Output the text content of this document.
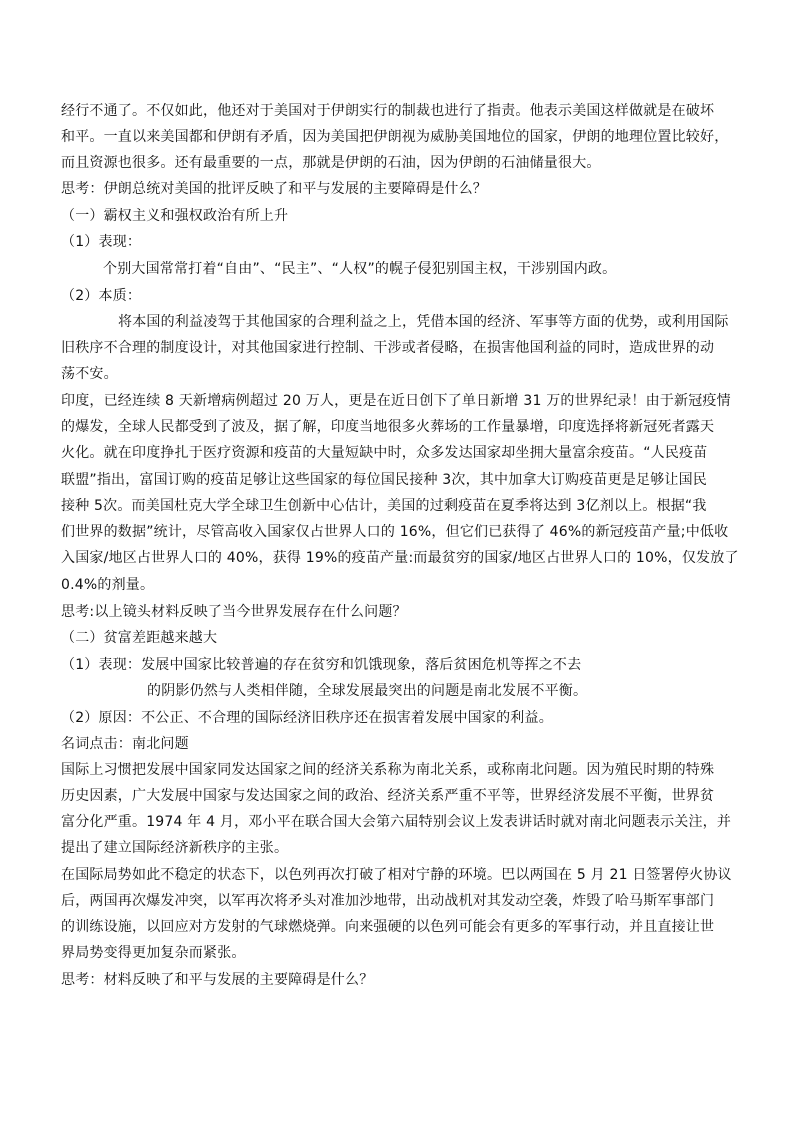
经行不通了。不仅如此，他还对于美国对于伊朗实行的制裁也进行了指责。他表示美国这样做就是在破坏
和平。一直以来美国都和伊朗有矛盾，因为美国把伊朗视为威胁美国地位的国家，伊朗的地理位置比较好，
而且资源也很多。还有最重要的一点，那就是伊朗的石油，因为伊朗的石油储量很大。
思考：伊朗总统对美国的批评反映了和平与发展的主要障碍是什么？
（一）霸权主义和强权政治有所上升
（1）表现：
个别大国常常打着“自由”、“民主”、“人权”的幌子侵犯别国主权，干涉别国内政。
（2）本质：
将本国的利益凌驾于其他国家的合理利益之上，凭借本国的经济、军事等方面的优势，或利用国际
旧秩序不合理的制度设计，对其他国家进行控制、干涉或者侵略，在损害他国利益的同时，造成世界的动
荡不安。
印度，已经连续 8 天新增病例超过 20 万人，更是在近日创下了单日新增 31 万的世界纪录！由于新冠疫情
的爆发，全球人民都受到了波及，据了解，印度当地很多火葬场的工作量暴增，印度选择将新冠死者露天
火化。就在印度挣扎于医疗资源和疫苗的大量短缺中时，众多发达国家却坐拥大量富余疫苗。“人民疫苗
联盟”指出，富国订购的疫苗足够让这些国家的每位国民接种 3次，其中加拿大订购疫苗更是足够让国民
接种 5次。而美国杜克大学全球卫生创新中心估计，美国的过剩疫苗在夏季将达到 3亿剂以上。根据“我
们世界的数据”统计，尽管高收入国家仅占世界人口的 16%，但它们已获得了 46%的新冠疫苗产量;中低收
入国家/地区占世界人口的 40%，获得 19%的疫苗产量:而最贫穷的国家/地区占世界人口的 10%，仅发放了
0.4%的剂量。
思考:以上镜头材料反映了当今世界发展存在什么问题？
（二）贫富差距越来越大
（1）表现：发展中国家比较普遍的存在贫穷和饥饿现象，落后贫困危机等挥之不去
的阴影仍然与人类相伴随，全球发展最突出的问题是南北发展不平衡。
（2）原因：不公正、不合理的国际经济旧秩序还在损害着发展中国家的利益。
名词点击：南北问题
国际上习惯把发展中国家同发达国家之间的经济关系称为南北关系，或称南北问题。因为殖民时期的特殊
历史因素，广大发展中国家与发达国家之间的政治、经济关系严重不平等，世界经济发展不平衡，世界贫
富分化严重。1974 年 4 月，邓小平在联合国大会第六届特别会议上发表讲话时就对南北问题表示关注，并
提出了建立国际经济新秩序的主张。
在国际局势如此不稳定的状态下，以色列再次打破了相对宁静的环境。巴以两国在 5 月 21 日签署停火协议
后，两国再次爆发冲突，以军再次将矛头对准加沙地带，出动战机对其发动空袭，炸毁了哈马斯军事部门
的训练设施，以回应对方发射的气球燃烧弹。向来强硬的以色列可能会有更多的军事行动，并且直接让世
界局势变得更加复杂而紧张。
思考：材料反映了和平与发展的主要障碍是什么？
